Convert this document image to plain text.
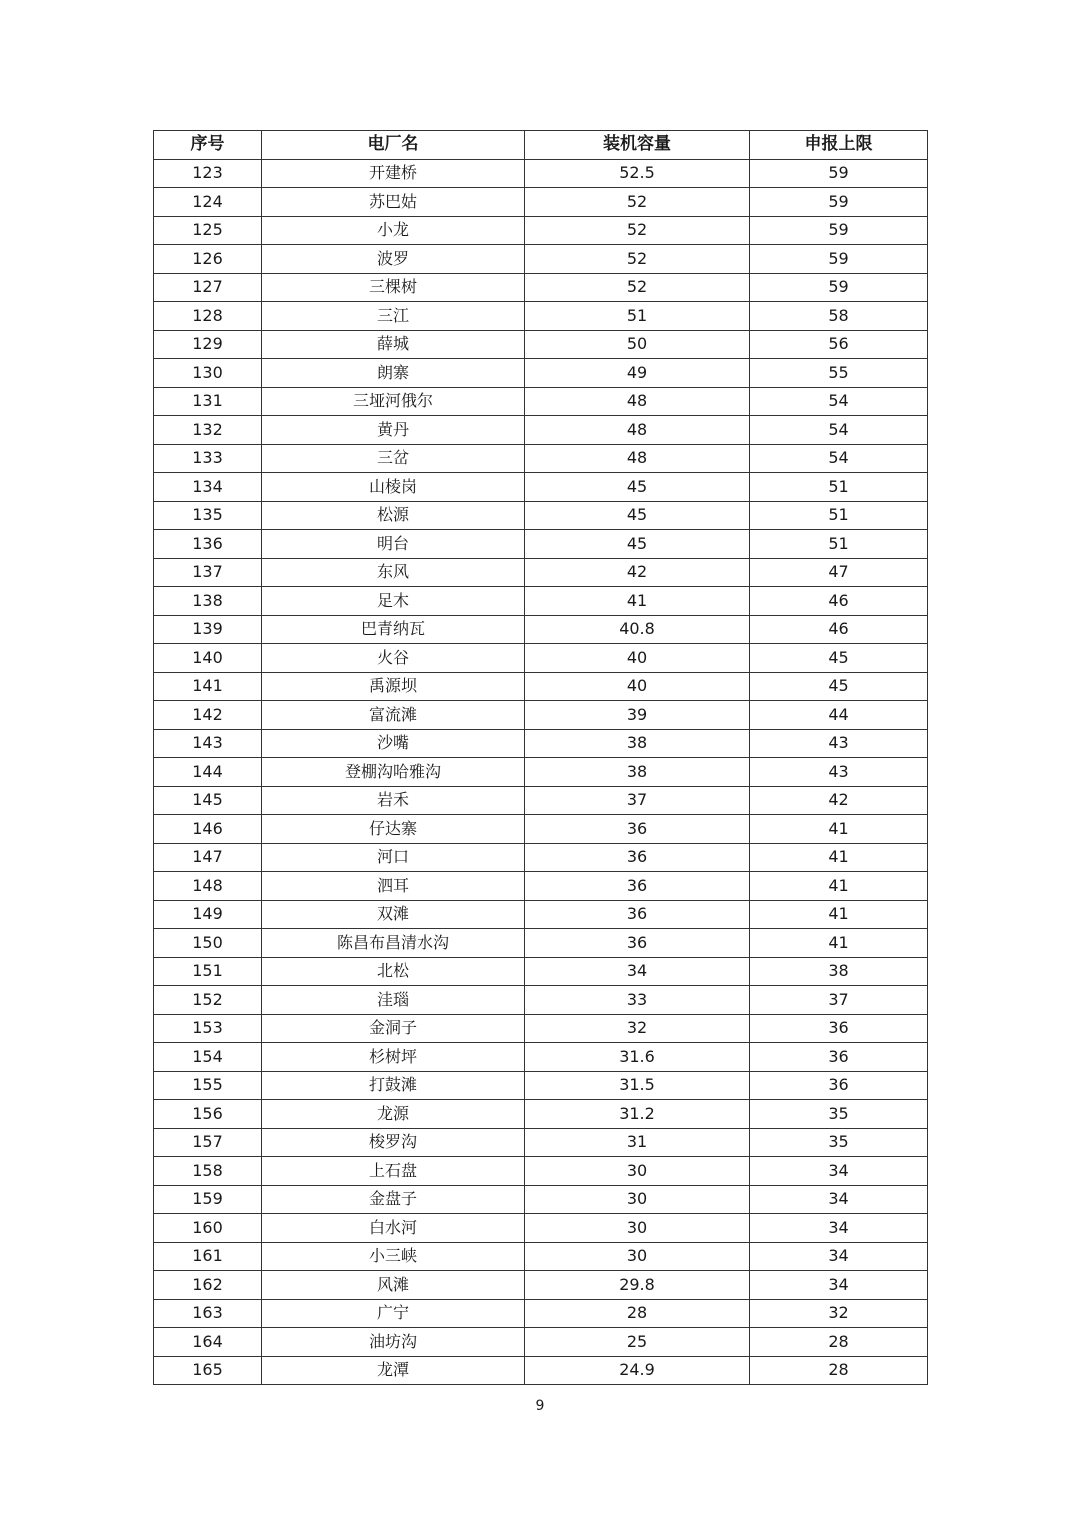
序号	电厂名	装机容量	申报上限
123	开建桥	52.5	59
124	苏巴姑	52	59
125	小龙	52	59
126	波罗	52	59
127	三棵树	52	59
128	三江	51	58
129	薛城	50	56
130	朗寨	49	55
131	三垭河俄尔	48	54
132	黄丹	48	54
133	三岔	48	54
134	山棱岗	45	51
135	松源	45	51
136	明台	45	51
137	东风	42	47
138	足木	41	46
139	巴青纳瓦	40.8	46
140	火谷	40	45
141	禹源坝	40	45
142	富流滩	39	44
143	沙嘴	38	43
144	登棚沟哈雅沟	38	43
145	岩禾	37	42
146	仔达寨	36	41
147	河口	36	41
148	泗耳	36	41
149	双滩	36	41
150	陈昌布昌清水沟	36	41
151	北松	34	38
152	洼瑙	33	37
153	金洞子	32	36
154	杉树坪	31.6	36
155	打鼓滩	31.5	36
156	龙源	31.2	35
157	梭罗沟	31	35
158	上石盘	30	34
159	金盘子	30	34
160	白水河	30	34
161	小三峡	30	34
162	风滩	29.8	34
163	广宁	28	32
164	油坊沟	25	28
165	龙潭	24.9	28
9
